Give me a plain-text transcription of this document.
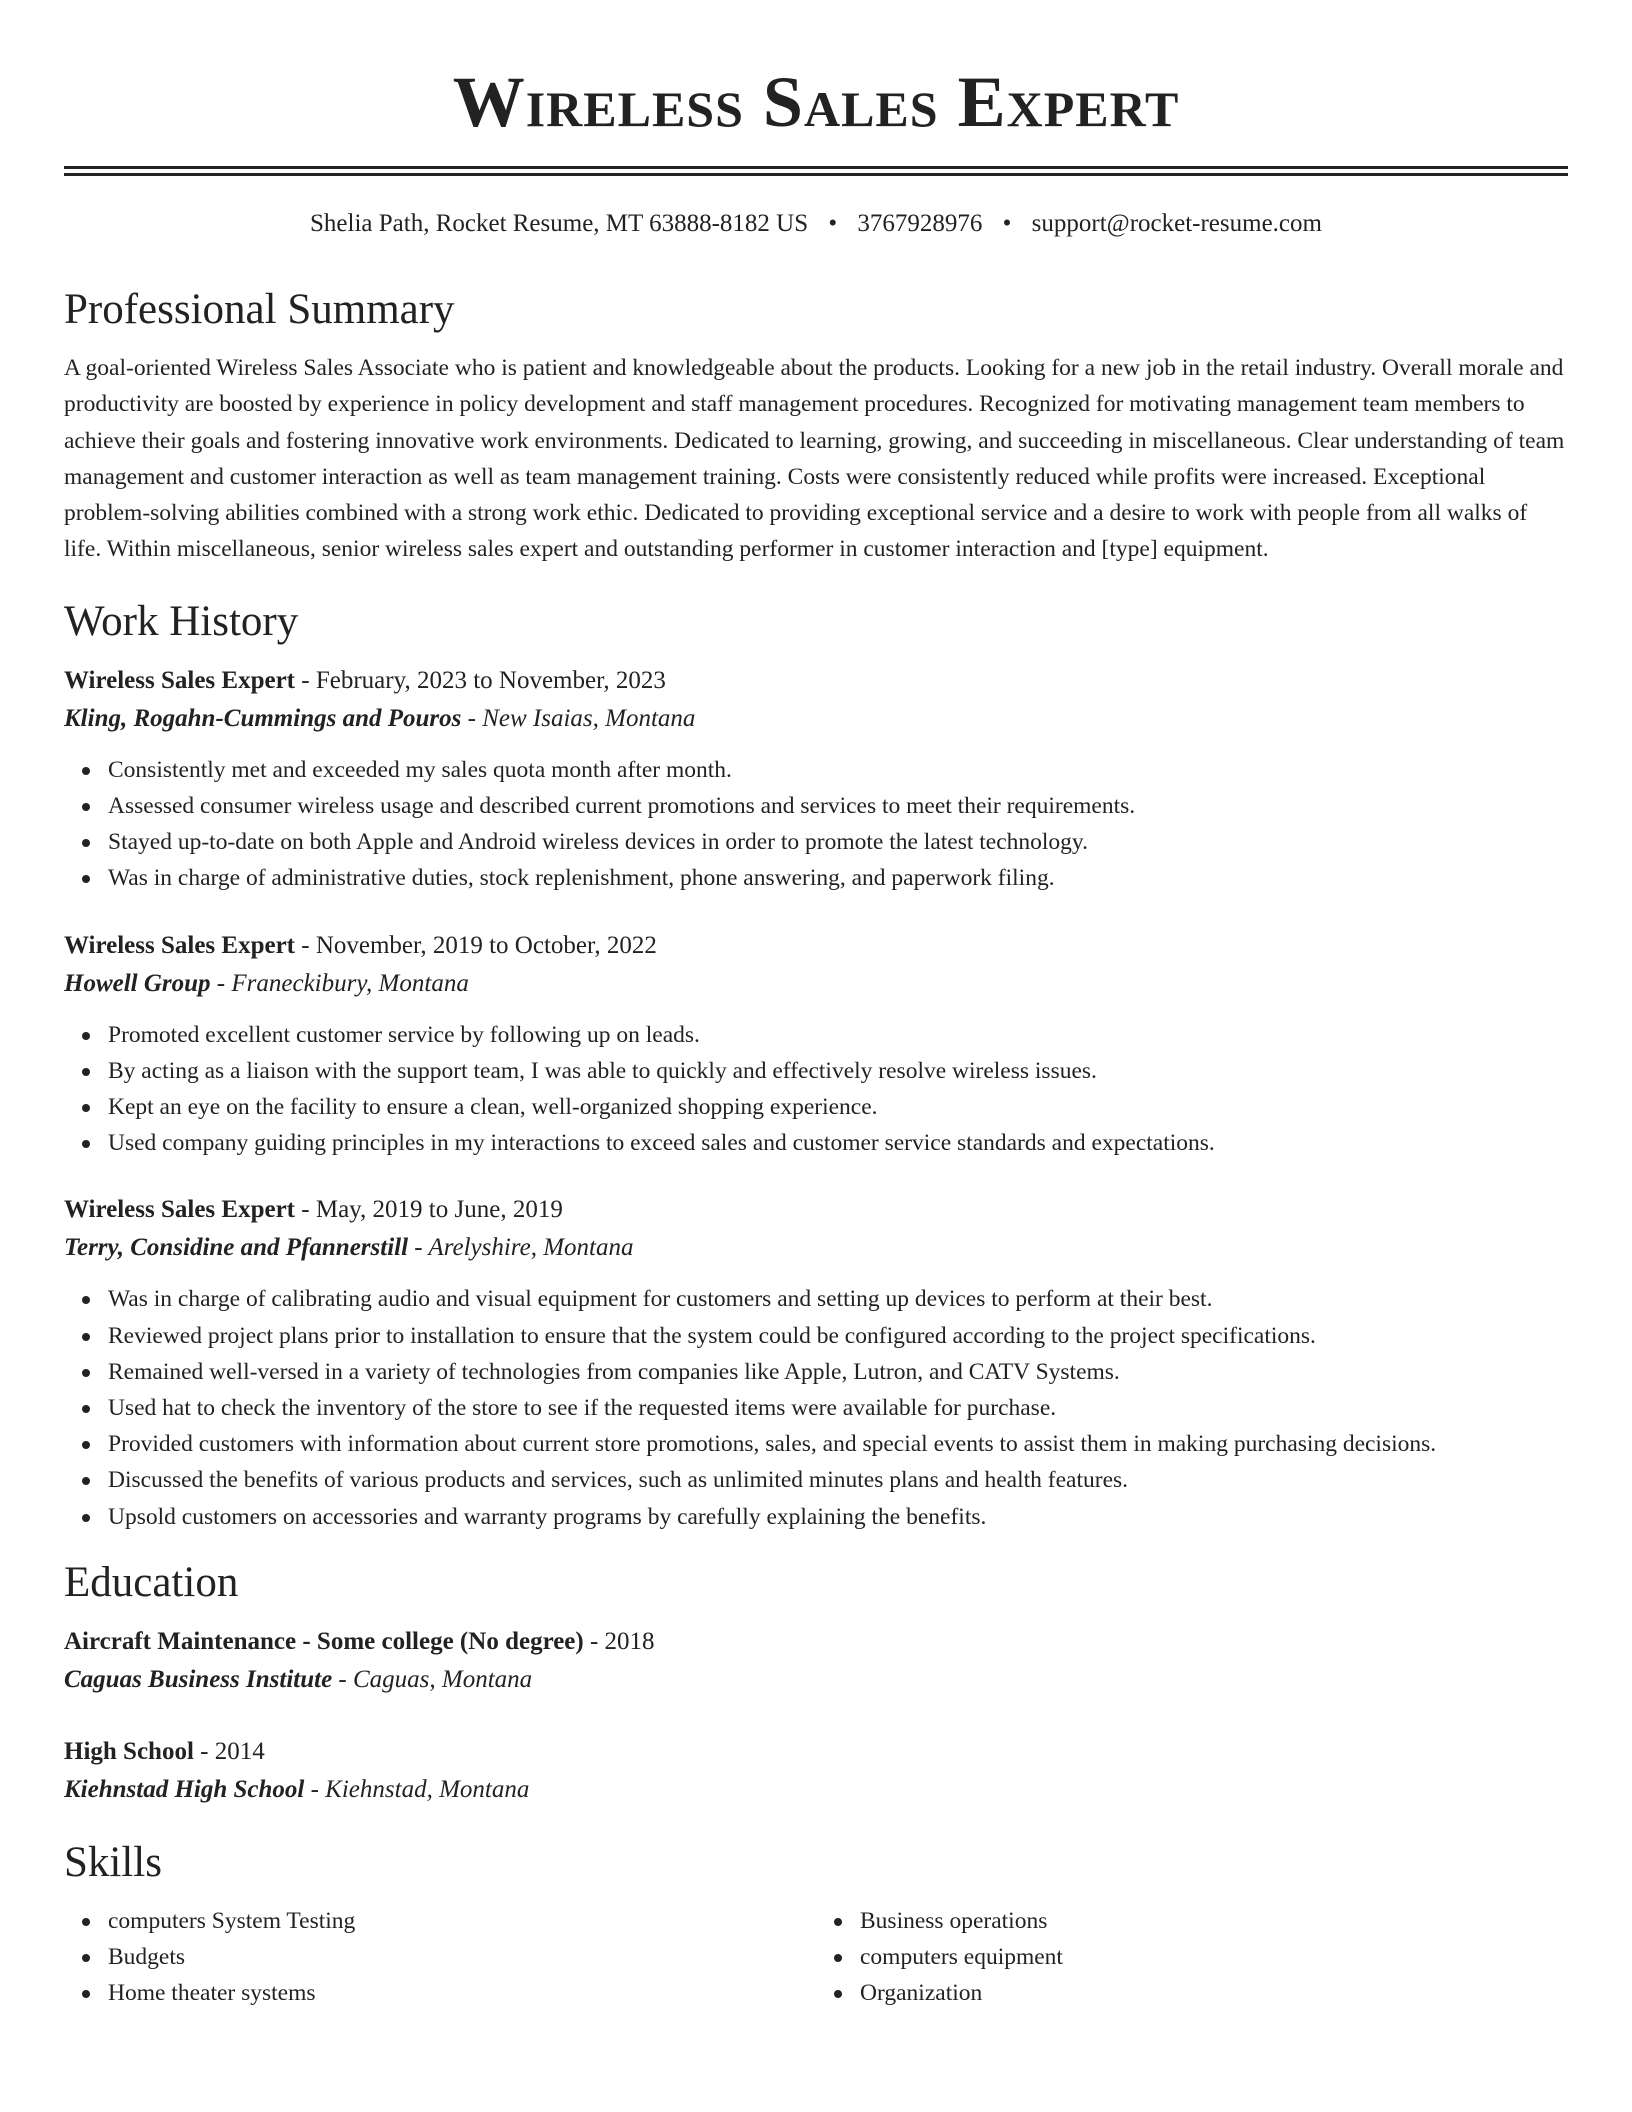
Wireless Sales Expert
Shelia Path, Rocket Resume, MT 63888-8182 US • 3767928976 • support@rocket-resume.com
Professional Summary
A goal-oriented Wireless Sales Associate who is patient and knowledgeable about the products. Looking for a new job in the retail industry. Overall morale and productivity are boosted by experience in policy development and staff management procedures. Recognized for motivating management team members to achieve their goals and fostering innovative work environments. Dedicated to learning, growing, and succeeding in miscellaneous. Clear understanding of team management and customer interaction as well as team management training. Costs were consistently reduced while profits were increased. Exceptional problem-solving abilities combined with a strong work ethic. Dedicated to providing exceptional service and a desire to work with people from all walks of life. Within miscellaneous, senior wireless sales expert and outstanding performer in customer interaction and [type] equipment.
Work History
Wireless Sales Expert - February, 2023 to November, 2023
Kling, Rogahn-Cummings and Pouros - New Isaias, Montana
Consistently met and exceeded my sales quota month after month.
Assessed consumer wireless usage and described current promotions and services to meet their requirements.
Stayed up-to-date on both Apple and Android wireless devices in order to promote the latest technology.
Was in charge of administrative duties, stock replenishment, phone answering, and paperwork filing.
Wireless Sales Expert - November, 2019 to October, 2022
Howell Group - Franeckibury, Montana
Promoted excellent customer service by following up on leads.
By acting as a liaison with the support team, I was able to quickly and effectively resolve wireless issues.
Kept an eye on the facility to ensure a clean, well-organized shopping experience.
Used company guiding principles in my interactions to exceed sales and customer service standards and expectations.
Wireless Sales Expert - May, 2019 to June, 2019
Terry, Considine and Pfannerstill - Arelyshire, Montana
Was in charge of calibrating audio and visual equipment for customers and setting up devices to perform at their best.
Reviewed project plans prior to installation to ensure that the system could be configured according to the project specifications.
Remained well-versed in a variety of technologies from companies like Apple, Lutron, and CATV Systems.
Used hat to check the inventory of the store to see if the requested items were available for purchase.
Provided customers with information about current store promotions, sales, and special events to assist them in making purchasing decisions.
Discussed the benefits of various products and services, such as unlimited minutes plans and health features.
Upsold customers on accessories and warranty programs by carefully explaining the benefits.
Education
Aircraft Maintenance - Some college (No degree) - 2018
Caguas Business Institute - Caguas, Montana
High School - 2014
Kiehnstad High School - Kiehnstad, Montana
Skills
computers System Testing
Budgets
Home theater systems
Business operations
computers equipment
Organization
